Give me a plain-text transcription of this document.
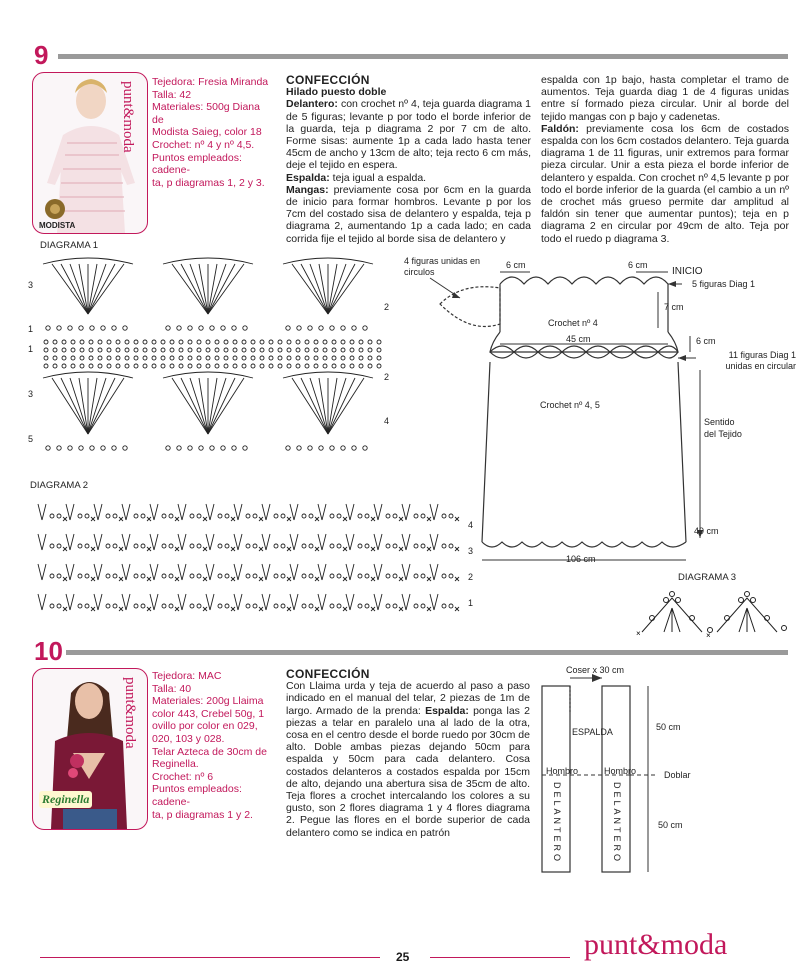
9
MODISTA
punt&moda Tejedora: Fresia Miranda
Talla: 42
Materiales: 500g Diana de
Modista Saieg, color 18
Crochet: nº 4 y nº 4,5.
Puntos empleados: cadene-
ta, p diagramas 1, 2 y 3.
CONFECCIÓN
Hilado puesto doble

Delantero: con crochet nº 4, teja guarda diagrama 1 de 5 figuras; levante p por todo el borde inferior de la guarda, teja p diagrama 2 por 7 cm de alto. Forme sisas: aumente 1p a cada lado hasta tener 45cm de ancho y 13cm de alto; teja recto 6 cm más, deje el tejido en espera.

Espalda: teja igual a espalda.

Mangas: previamente cosa por 6cm en la guarda de inicio para formar hombros. Levante p por los 7cm del costado sisa de delantero y espalda, teja p diagrama 2, aumentando 1p a cada lado; en cada corrida fije el tejido al borde sisa de delantero y

espalda con 1p bajo, hasta completar el tramo de aumentos. Teja guarda diag 1 de 4 figuras unidas entre sí formado pieza circular. Unir al borde del tejido mangas con p bajo y cadenetas.

Faldón: previamente cosa los 6cm de costados espalda con los 6cm costados delantero. Teja guarda diagrama 1 de 11 figuras, unir extremos para formar pieza circular. Unir a esta pieza el borde inferior de delantero y espalda. Con crochet nº 4,5 levante p por todo el borde inferior de la guarda (el cambio a un nº de crochet más grueso permite dar amplitud al faldón sin tener que aumentar puntos); teja en p diagrama 2 en circular por 49cm de alto. Teja por todo el ruedo p diagrama 3.

DIAGRAMA 1
3
1
1
3
5
2
2
4
DIAGRAMA 2
4
3
2
1
DIAGRAMA 3
×	×
4 figuras unidas en circulos
6 cm	6 cm
INICIO
5 figuras Diag 1
7 cm
Crochet nº 4
45 cm	6 cm
11 figuras Diag 1 unidas en circular
Crochet nº 4, 5
Sentido del Tejido
49 cm
106 cm
10
Reginella
punt&moda
Tejedora: MAC
Talla: 40
Materiales: 200g Llaima
color 443, Crebel 50g, 1
ovillo por color en 029,
020, 103 y 028.
Telar Azteca de 30cm de
Reginella.
Crochet: nº 6
Puntos empleados: cadene-
ta, p diagramas 1 y 2.
CONFECCIÓN

Con Llaima urda y teja de acuerdo al paso a paso indicado en el manual del telar, 2 piezas de 1m de largo. Armado de la prenda: Espalda: ponga las 2 piezas a telar en paralelo una al lado de la otra, cosa en el centro desde el borde ruedo por 30cm de alto. Doble ambas piezas dejando 50cm para espalda y 50cm para cada delantero. Cosa costados delanteros a costados espalda por 15cm de alto, dejando una abertura sisa de 35cm de alto. Teja flores a crochet intercalando los colores a su gusto, son 2 flores diagrama 1 y 4 flores diagrama 2. Pegue las flores en el borde superior de cada delantero como se indica en patrón

Coser x 30 cm
ESPALDA	50 cm
Hombro	Hombro	Doblar
50 cm
DELANTERO	DELANTERO
25	punt&moda
